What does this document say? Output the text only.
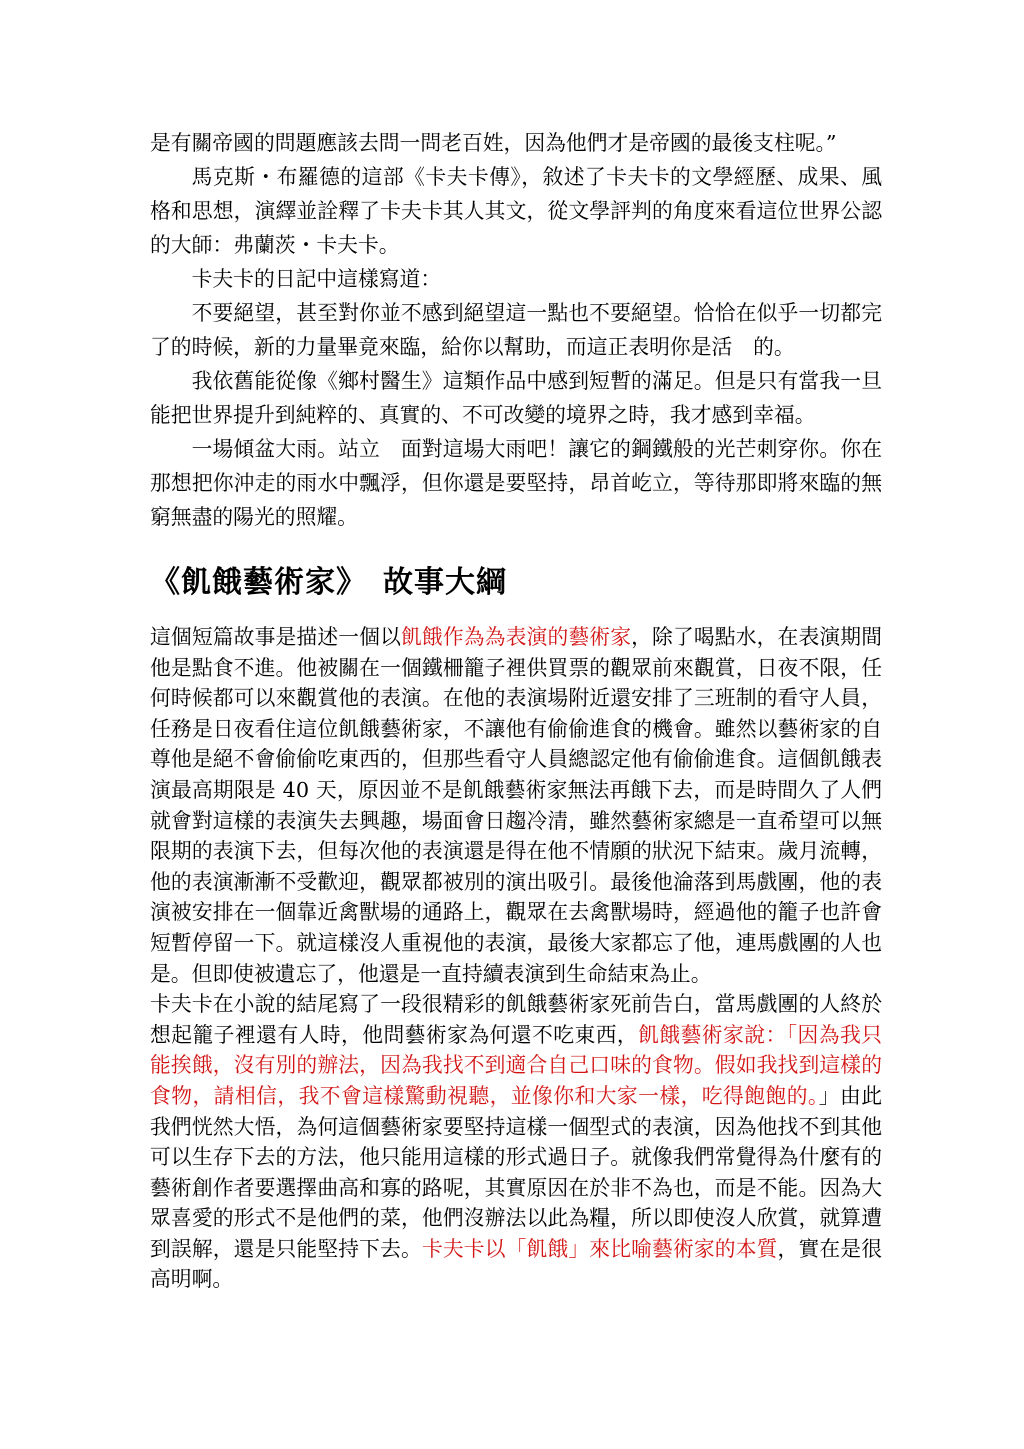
是有關帝國的問題應該去問一問老百姓，因為他們才是帝國的最後支柱呢。”

馬克斯・布羅德的這部《卡夫卡傳》，敘述了卡夫卡的文學經歷、成果、風格和思想，演繹並詮釋了卡夫卡其人其文，從文學評判的角度來看這位世界公認的大師：弗蘭茨・卡夫卡。

卡夫卡的日記中這樣寫道：

不要絕望，甚至對你並不感到絕望這一點也不要絕望。恰恰在似乎一切都完了的時候，新的力量畢竟來臨，給你以幫助，而這正表明你是活　的。

我依舊能從像《鄉村醫生》這類作品中感到短暫的滿足。但是只有當我一旦能把世界提升到純粹的、真實的、不可改變的境界之時，我才感到幸福。

一場傾盆大雨。站立　面對這場大雨吧！讓它的鋼鐵般的光芒刺穿你。你在那想把你沖走的雨水中飄浮，但你還是要堅持，昂首屹立，等待那即將來臨的無窮無盡的陽光的照耀。

《飢餓藝術家》　故事大綱

這個短篇故事是描述一個以飢餓作為為表演的藝術家，除了喝點水，在表演期間他是點食不進。他被關在一個鐵柵籠子裡供買票的觀眾前來觀賞，日夜不限，任何時候都可以來觀賞他的表演。在他的表演場附近還安排了三班制的看守人員，任務是日夜看住這位飢餓藝術家，不讓他有偷偷進食的機會。雖然以藝術家的自尊他是絕不會偷偷吃東西的，但那些看守人員總認定他有偷偷進食。這個飢餓表演最高期限是 40 天，原因並不是飢餓藝術家無法再餓下去，而是時間久了人們就會對這樣的表演失去興趣，場面會日趨冷清，雖然藝術家總是一直希望可以無限期的表演下去，但每次他的表演還是得在他不情願的狀況下結束。歲月流轉，他的表演漸漸不受歡迎，觀眾都被別的演出吸引。最後他淪落到馬戲團，他的表演被安排在一個靠近禽獸場的通路上，觀眾在去禽獸場時，經過他的籠子也許會短暫停留一下。就這樣沒人重視他的表演，最後大家都忘了他，連馬戲團的人也是。但即使被遺忘了，他還是一直持續表演到生命結束為止。

卡夫卡在小說的結尾寫了一段很精彩的飢餓藝術家死前告白，當馬戲團的人終於想起籠子裡還有人時，他問藝術家為何還不吃東西，飢餓藝術家說：「因為我只能挨餓，沒有別的辦法，因為我找不到適合自己口味的食物。假如我找到這樣的食物，請相信，我不會這樣驚動視聽，並像你和大家一樣，吃得飽飽的。」由此我們恍然大悟，為何這個藝術家要堅持這樣一個型式的表演，因為他找不到其他可以生存下去的方法，他只能用這樣的形式過日子。就像我們常覺得為什麼有的藝術創作者要選擇曲高和寡的路呢，其實原因在於非不為也，而是不能。因為大眾喜愛的形式不是他們的菜，他們沒辦法以此為糧，所以即使沒人欣賞，就算遭到誤解，還是只能堅持下去。卡夫卡以「飢餓」來比喻藝術家的本質，實在是很高明啊。
